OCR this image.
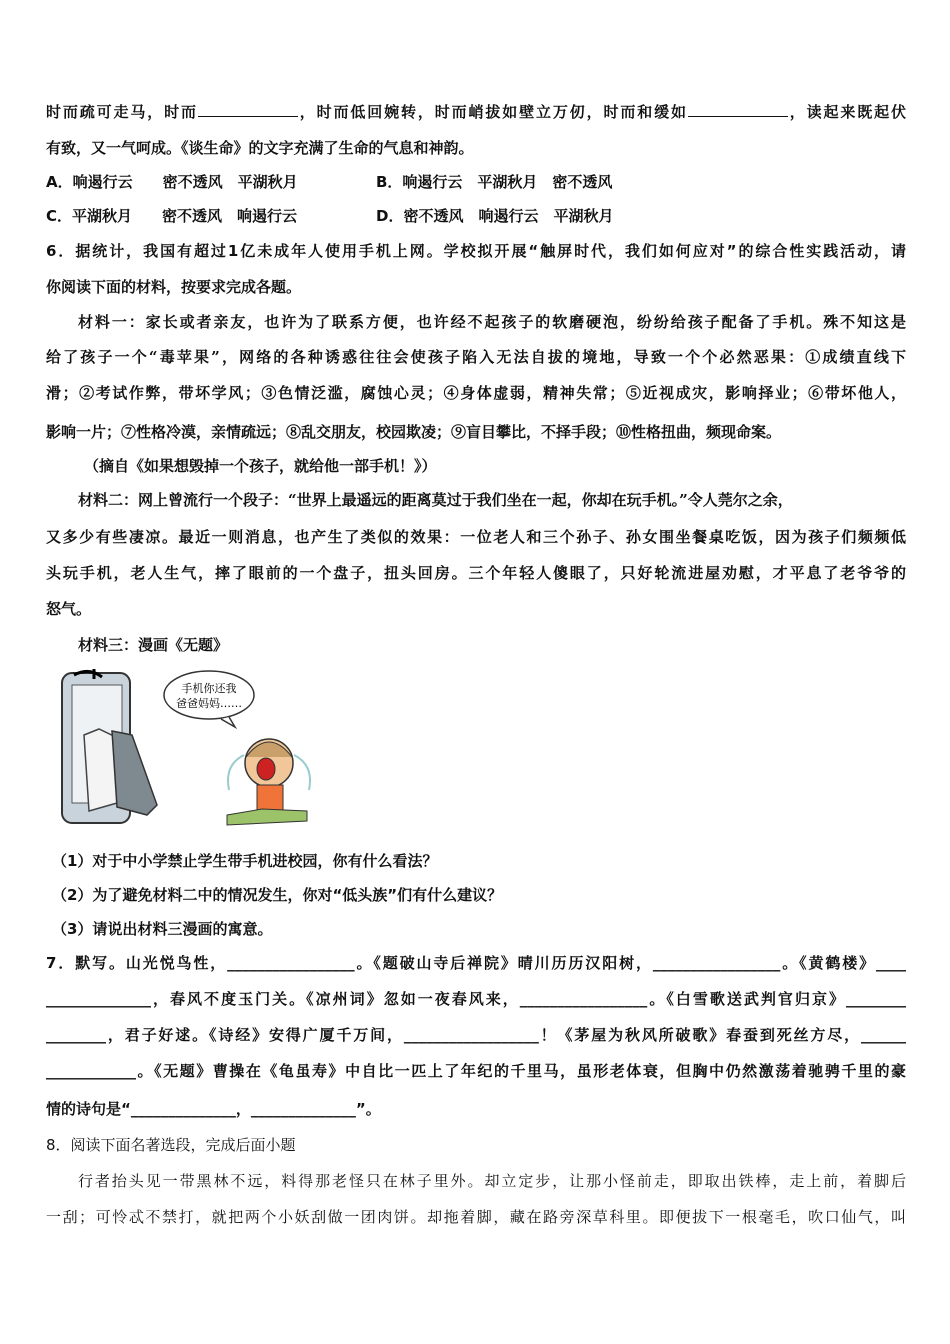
时而疏可走马，时而	，时而低回婉转，时而峭拔如壁立万仞，时而和缓如	，读起来既起伏
有致，又一气呵成。《谈生命》的文字充满了生命的气息和神韵。
A．响遏行云　　密不透风　平湖秋月	B．响遏行云　平湖秋月　密不透风
C．平湖秋月　　密不透风　响遏行云	D．密不透风　响遏行云　平湖秋月
6．据统计，我国有超过1亿未成年人使用手机上网。学校拟开展“触屏时代，我们如何应对”的综合性实践活动，请
你阅读下面的材料，按要求完成各题。
材料一：家长或者亲友，也许为了联系方便，也许经不起孩子的软磨硬泡，纷纷给孩子配备了手机。殊不知这是
给了孩子一个“毒苹果”，网络的各种诱惑往往会使孩子陷入无法自拔的境地，导致一个个必然恶果：①成绩直线下
滑；②考试作弊，带坏学风；③色情泛滥，腐蚀心灵；④身体虚弱，精神失常；⑤近视成灾，影响择业；⑥带坏他人，
影响一片；⑦性格冷漠，亲情疏远；⑧乱交朋友，校园欺凌；⑨盲目攀比，不择手段；⑩性格扭曲，频现命案。
（摘自《如果想毁掉一个孩子，就给他一部手机！》）
材料二：网上曾流行一个段子：“世界上最遥远的距离莫过于我们坐在一起，你却在玩手机。”令人莞尔之余，
又多少有些凄凉。最近一则消息，也产生了类似的效果：一位老人和三个孙子、孙女围坐餐桌吃饭，因为孩子们频频低
头玩手机，老人生气，摔了眼前的一个盘子，扭头回房。三个年轻人傻眼了，只好轮流进屋劝慰，才平息了老爷爷的
怒气。
材料三：漫画《无题》
手机你还我
爸爸妈妈……
（1）对于中小学禁止学生带手机进校园，你有什么看法？
（2）为了避免材料二中的情况发生，你对“低头族”们有什么建议？
（3）请说出材料三漫画的寓意。
7．默写。山光悦鸟性，_________________。《题破山寺后禅院》晴川历历汉阳树，_________________。《黄鹤楼》____
______________，春风不度玉门关。《凉州词》忽如一夜春风来，_________________。《白雪歌送武判官归京》________
________，君子好逑。《诗经》安得广厦千万间，__________________！《茅屋为秋风所破歌》春蚕到死丝方尽，______
____________。《无题》曹操在《龟虽寿》中自比一匹上了年纪的千里马，虽形老体衰，但胸中仍然激荡着驰骋千里的豪
情的诗句是“______________，______________”。
8．阅读下面名著选段，完成后面小题
行者抬头见一带黑林不远，料得那老怪只在林子里外。却立定步，让那小怪前走，即取出铁棒，走上前，着脚后
一刮；可怜忒不禁打，就把两个小妖刮做一团肉饼。却拖着脚，藏在路旁深草科里。即便拔下一根毫毛，吹口仙气，叫
